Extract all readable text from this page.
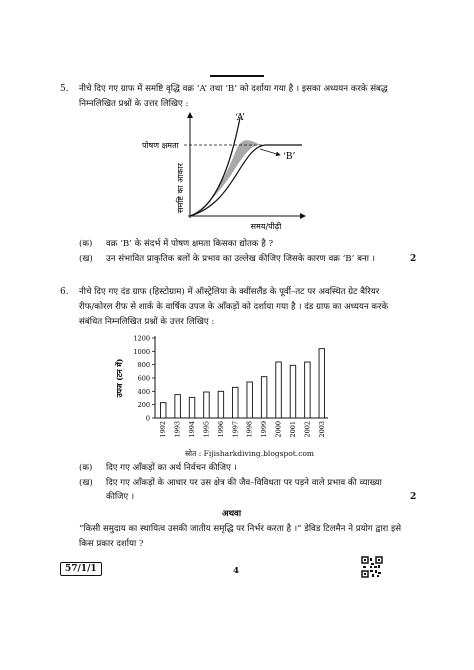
5. नीचे दिए गए ग्राफ में समष्टि वृद्धि वक्र ‘A’ तथा ‘B’ को दर्शाया गया है । इसका अध्ययन करके संबद्ध
निम्नलिखित प्रश्नों के उत्तर लिखिए :
‘A’
‘B’
पोषण क्षमता
समष्टि का आकार
समय/पीढ़ी
(क) वक्र ‘B’ के संदर्भ में पोषण क्षमता किसका द्योतक है ?
(ख) उन संभावित प्राकृतिक बलों के प्रभाव का उल्लेख कीजिए जिसके कारण वक्र ‘B’ बना ।	2
6. नीचे दिए गए दंड ग्राफ (हिस्टोग्राम) में ऑस्ट्रेलिया के क्वींसलैंड के पूर्वी–तट पर अवस्थित ग्रेट बैरियर
रीफ/कोरल रीफ से शार्क के वार्षिक उपज के आँकड़ों को दर्शाया गया है । दंड ग्राफ का अध्ययन करके
संबंधित निम्नलिखित प्रश्नों के उत्तर लिखिए :
0
200
400
600
800
1000
1200
उपज (टन में)
1992 1993 1994 1995 1996 1997 1998 1999 2000 2001 2002 2003
स्रोत : Fijisharkdiving.blogspot.com
(क) दिए गए आँकड़ों का अर्थ निर्वचन कीजिए ।
(ख) दिए गए आँकड़ों के आधार पर उस क्षेत्र की जैव–विविधता पर पड़ने वाले प्रभाव की व्याख्या
कीजिए ।	2
अथवा
“किसी समुदाय का स्थायित्व उसकी जातीय समृद्धि पर निर्भर करता है ।” डेविड टिलमैन ने प्रयोग द्वारा इसे
किस प्रकार दर्शाया ?
57/1/1	4
